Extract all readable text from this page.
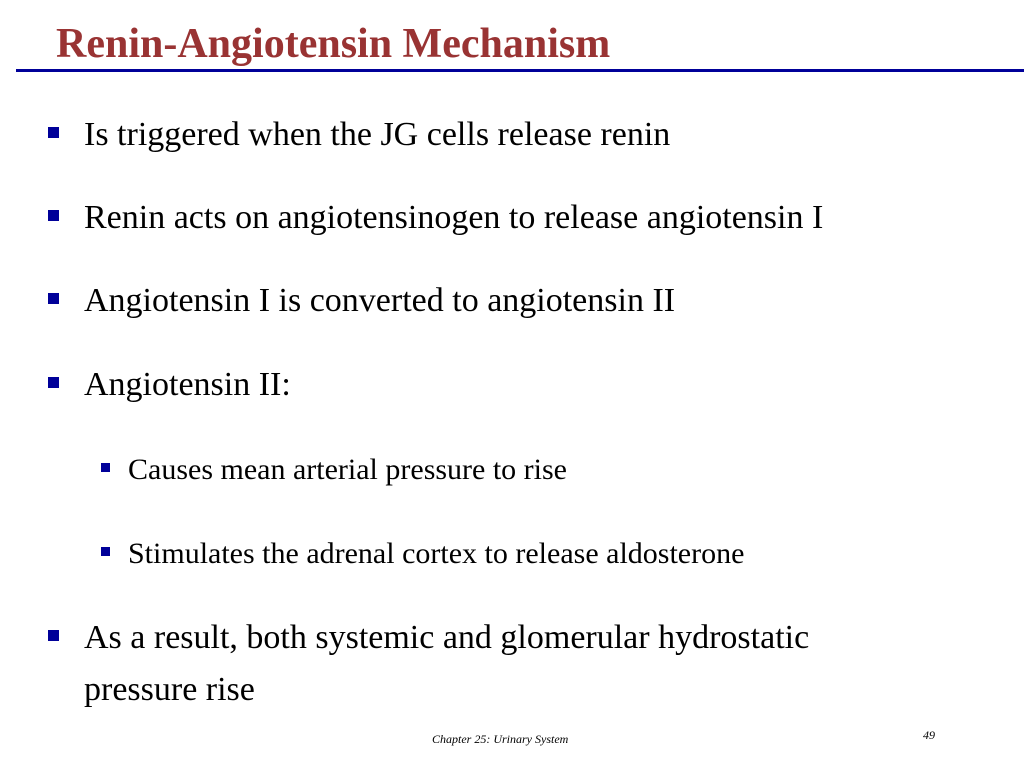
Renin-Angiotensin Mechanism
Is triggered when the JG cells release renin
Renin acts on angiotensinogen to release angiotensin I
Angiotensin I is converted to angiotensin II
Angiotensin II:
Causes mean arterial pressure to rise
Stimulates the adrenal cortex to release aldosterone
As a result, both systemic and glomerular hydrostatic
pressure rise
Chapter 25: Urinary System	49
